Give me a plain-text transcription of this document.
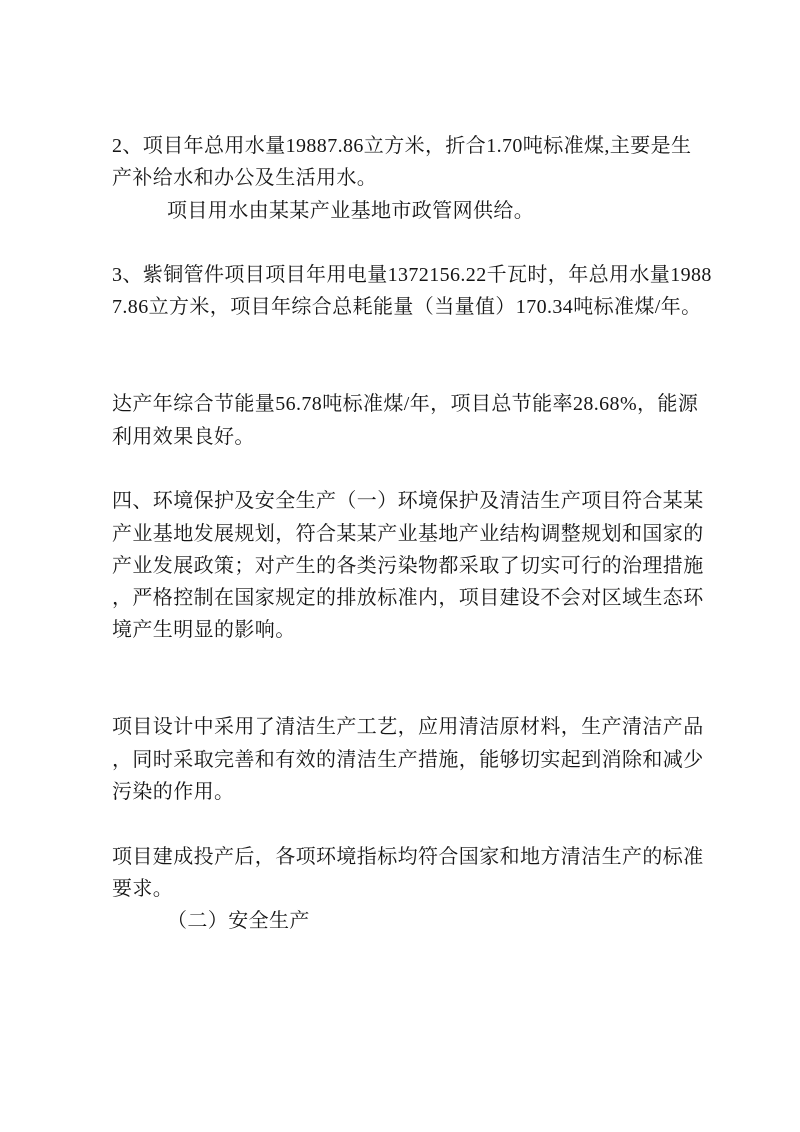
2、项目年总用水量19887.86立方米，折合1.70吨标准煤,主要是生
产补给水和办公及生活用水。
项目用水由某某产业基地市政管网供给。

3、紫铜管件项目项目年用电量1372156.22千瓦时，年总用水量1988
7.86立方米，项目年综合总耗能量（当量值）170.34吨标准煤/年。

达产年综合节能量56.78吨标准煤/年，项目总节能率28.68%，能源
利用效果良好。

四、环境保护及安全生产（一）环境保护及清洁生产项目符合某某
产业基地发展规划，符合某某产业基地产业结构调整规划和国家的
产业发展政策；对产生的各类污染物都采取了切实可行的治理措施
，严格控制在国家规定的排放标准内，项目建设不会对区域生态环
境产生明显的影响。

项目设计中采用了清洁生产工艺，应用清洁原材料，生产清洁产品
，同时采取完善和有效的清洁生产措施，能够切实起到消除和减少
污染的作用。

项目建成投产后，各项环境指标均符合国家和地方清洁生产的标准
要求。
（二）安全生产
